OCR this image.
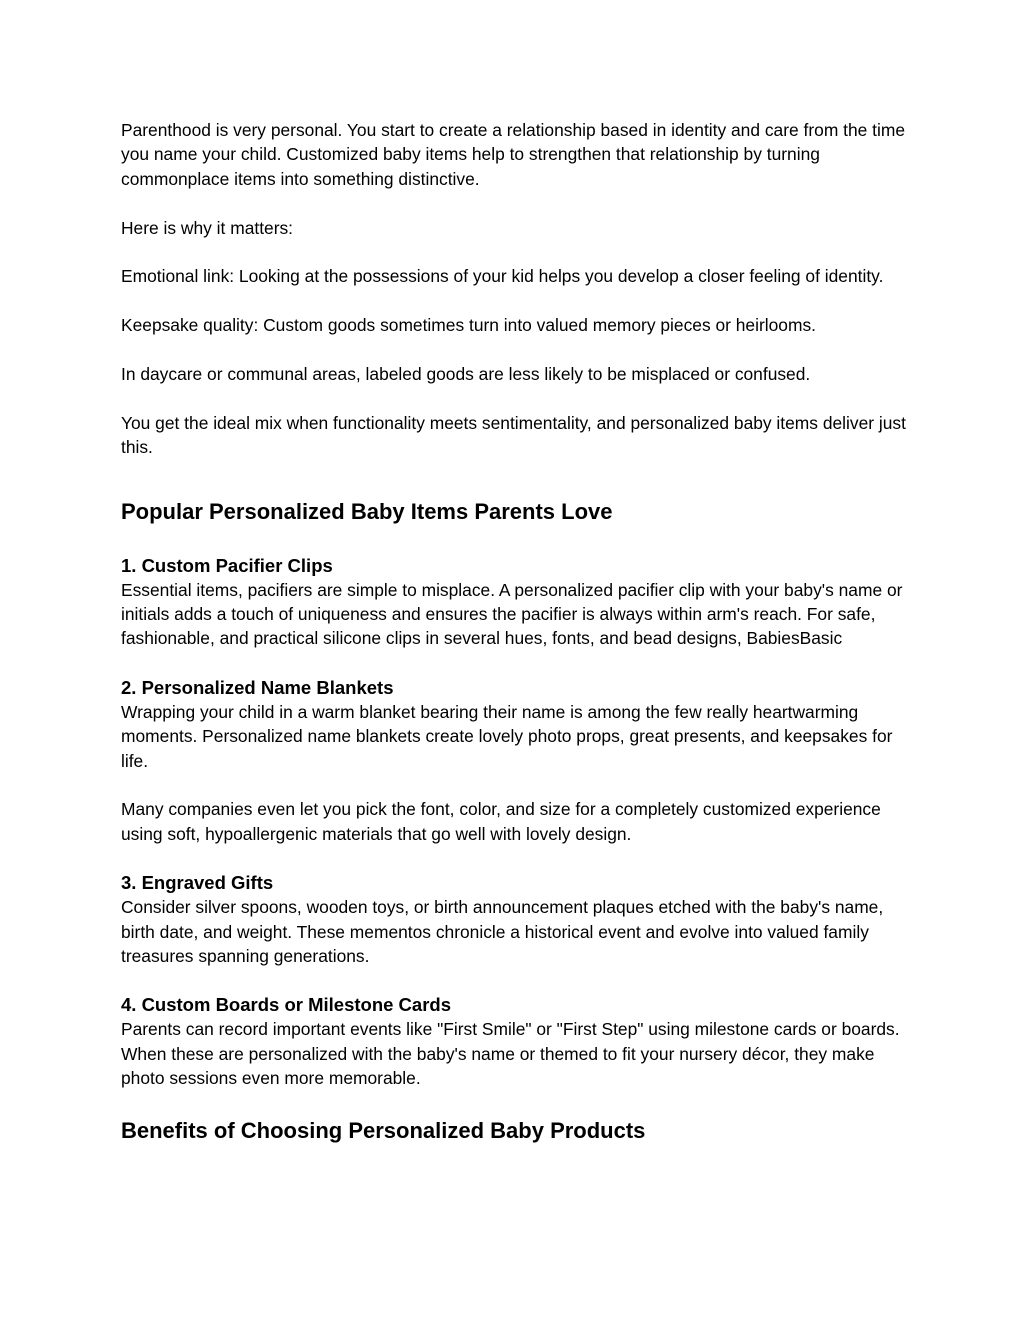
Parenthood is very personal. You start to create a relationship based in identity and care from the time you name your child. Customized baby items help to strengthen that relationship by turning commonplace items into something distinctive.

Here is why it matters:

Emotional link: Looking at the possessions of your kid helps you develop a closer feeling of identity.

Keepsake quality: Custom goods sometimes turn into valued memory pieces or heirlooms.

In daycare or communal areas, labeled goods are less likely to be misplaced or confused.

You get the ideal mix when functionality meets sentimentality, and personalized baby items deliver just this.

Popular Personalized Baby Items Parents Love
1. Custom Pacifier Clips

Essential items, pacifiers are simple to misplace. A personalized pacifier clip with your baby's name or initials adds a touch of uniqueness and ensures the pacifier is always within arm's reach. For safe, fashionable, and practical silicone clips in several hues, fonts, and bead designs, BabiesBasic

2. Personalized Name Blankets

Wrapping your child in a warm blanket bearing their name is among the few really heartwarming moments. Personalized name blankets create lovely photo props, great presents, and keepsakes for life.

Many companies even let you pick the font, color, and size for a completely customized experience using soft, hypoallergenic materials that go well with lovely design.

3. Engraved Gifts

Consider silver spoons, wooden toys, or birth announcement plaques etched with the baby's name, birth date, and weight. These mementos chronicle a historical event and evolve into valued family treasures spanning generations.

4. Custom Boards or Milestone Cards

Parents can record important events like "First Smile" or "First Step" using milestone cards or boards. When these are personalized with the baby's name or themed to fit your nursery décor, they make photo sessions even more memorable.

Benefits of Choosing Personalized Baby Products
